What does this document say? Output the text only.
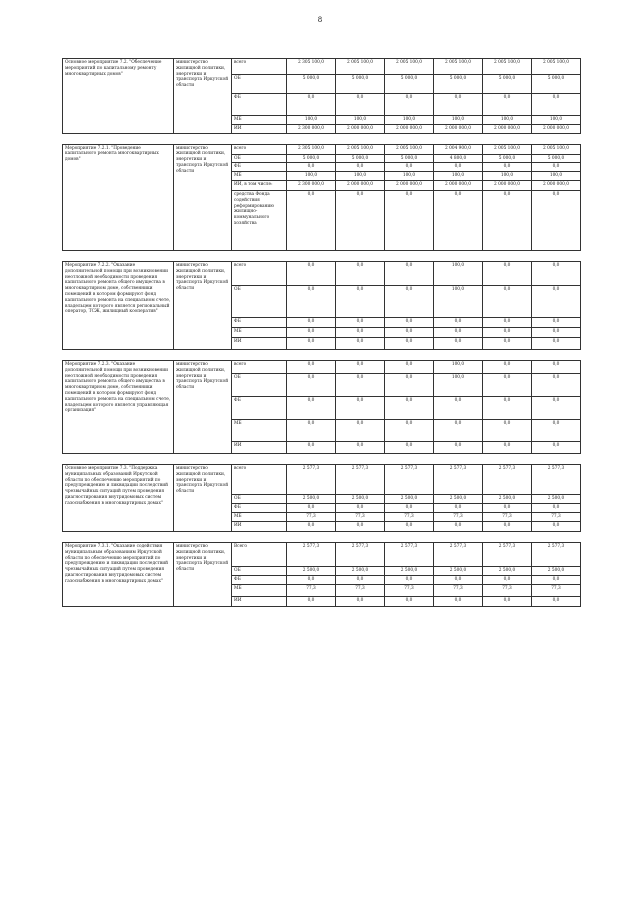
8
Основное мероприятие 7.2. "Обеспечение мероприятий по капитальному ремонту многоквартирных домов"	министерство жилищной политики, энергетики и транспорта Иркутской области	всего	2 305 100,0	2 005 100,0	2 005 100,0	2 005 100,0	2 005 100,0	2 005 100,0
		ОБ	5 000,0	5 000,0	5 000,0	5 000,0	5 000,0	5 000,0
		ФБ	0,0	0,0	0,0	0,0	0,0	0,0
		МБ	100,0	100,0	100,0	100,0	100,0	100,0
		ИИ	2 300 000,0	2 000 000,0	2 000 000,0	2 000 000,0	2 000 000,0	2 000 000,0

Мероприятие 7.2.1. "Проведение капитального ремонта многоквартирных домов"	министерство жилищной политики, энергетики и транспорта Иркутской области	всего	2 305 100,0	2 005 100,0	2 005 100,0	2 004 900,0	2 005 100,0	2 005 100,0
		ОБ	5 000,0	5 000,0	5 000,0	4 800,0	5 000,0	5 000,0
		ФБ	0,0	0,0	0,0	0,0	0,0	0,0
		МБ	100,0	100,0	100,0	100,0	100,0	100,0
		ИИ, в том числе:	2 300 000,0	2 000 000,0	2 000 000,0	2 000 000,0	2 000 000,0	2 000 000,0
		средства Фонда содействия реформированию жилищно-коммунального хозяйства	0,0	0,0	0,0	0,0	0,0	0,0

Мероприятие 7.2.2. "Оказание дополнительной помощи при возникновении неотложной необходимости проведения капитального ремонта общего имущества в многоквартирном доме, собственники помещений в котором формируют фонд капитального ремонта на специальном счете, владельцем которого является региональный оператор, ТСЖ, жилищный кооператив"	министерство жилищной политики, энергетики и транспорта Иркутской области	всего	0,0	0,0	0,0	100,0	0,0	0,0
		ОБ	0,0	0,0	0,0	100,0	0,0	0,0
		ФБ	0,0	0,0	0,0	0,0	0,0	0,0
		МБ	0,0	0,0	0,0	0,0	0,0	0,0
		ИИ	0,0	0,0	0,0	0,0	0,0	0,0

Мероприятие 7.2.3. "Оказание дополнительной помощи при возникновении неотложной необходимости проведения капитального ремонта общего имущества в многоквартирном доме, собственники помещений в котором формируют фонд капитального ремонта на специальном счете, владельцем которого является управляющая организация"	министерство жилищной политики, энергетики и транспорта Иркутской области	всего	0,0	0,0	0,0	100,0	0,0	0,0
		ОБ	0,0	0,0	0,0	100,0	0,0	0,0
		ФБ	0,0	0,0	0,0	0,0	0,0	0,0
		МБ	0,0	0,0	0,0	0,0	0,0	0,0
		ИИ	0,0	0,0	0,0	0,0	0,0	0,0

Основное мероприятие 7.3. "Поддержка муниципальных образований Иркутской области по обеспечению мероприятий по предупреждению и ликвидации последствий чрезвычайных ситуаций путем проведения диагностирования внутридомовых систем газоснабжения в многоквартирных домах"	министерство жилищной политики, энергетики и транспорта Иркутской области	всего	2 577,3	2 577,3	2 577,3	2 577,3	2 577,3	2 577,3
		ОБ	2 500,0	2 500,0	2 500,0	2 500,0	2 500,0	2 500,0
		ФБ	0,0	0,0	0,0	0,0	0,0	0,0
		МБ	77,3	77,3	77,3	77,3	77,3	77,3
		ИИ	0,0	0,0	0,0	0,0	0,0	0,0

Мероприятие 7.3.1. "Оказание содействия муниципальным образованиям Иркутской области по обеспечению мероприятий по предупреждению и ликвидации последствий чрезвычайных ситуаций путем проведения диагностирования внутридомовых систем газоснабжения в многоквартирных домах"	министерство жилищной политики, энергетики и транспорта Иркутской области	Всего	2 577,3	2 577,3	2 577,3	2 577,3	2 577,3	2 577,3
		ОБ	2 500,0	2 500,0	2 500,0	2 500,0	2 500,0	2 500,0
		ФБ	0,0	0,0	0,0	0,0	0,0	0,0
		МБ	77,3	77,3	77,3	77,3	77,3	77,3
		ИИ	0,0	0,0	0,0	0,0	0,0	0,0
